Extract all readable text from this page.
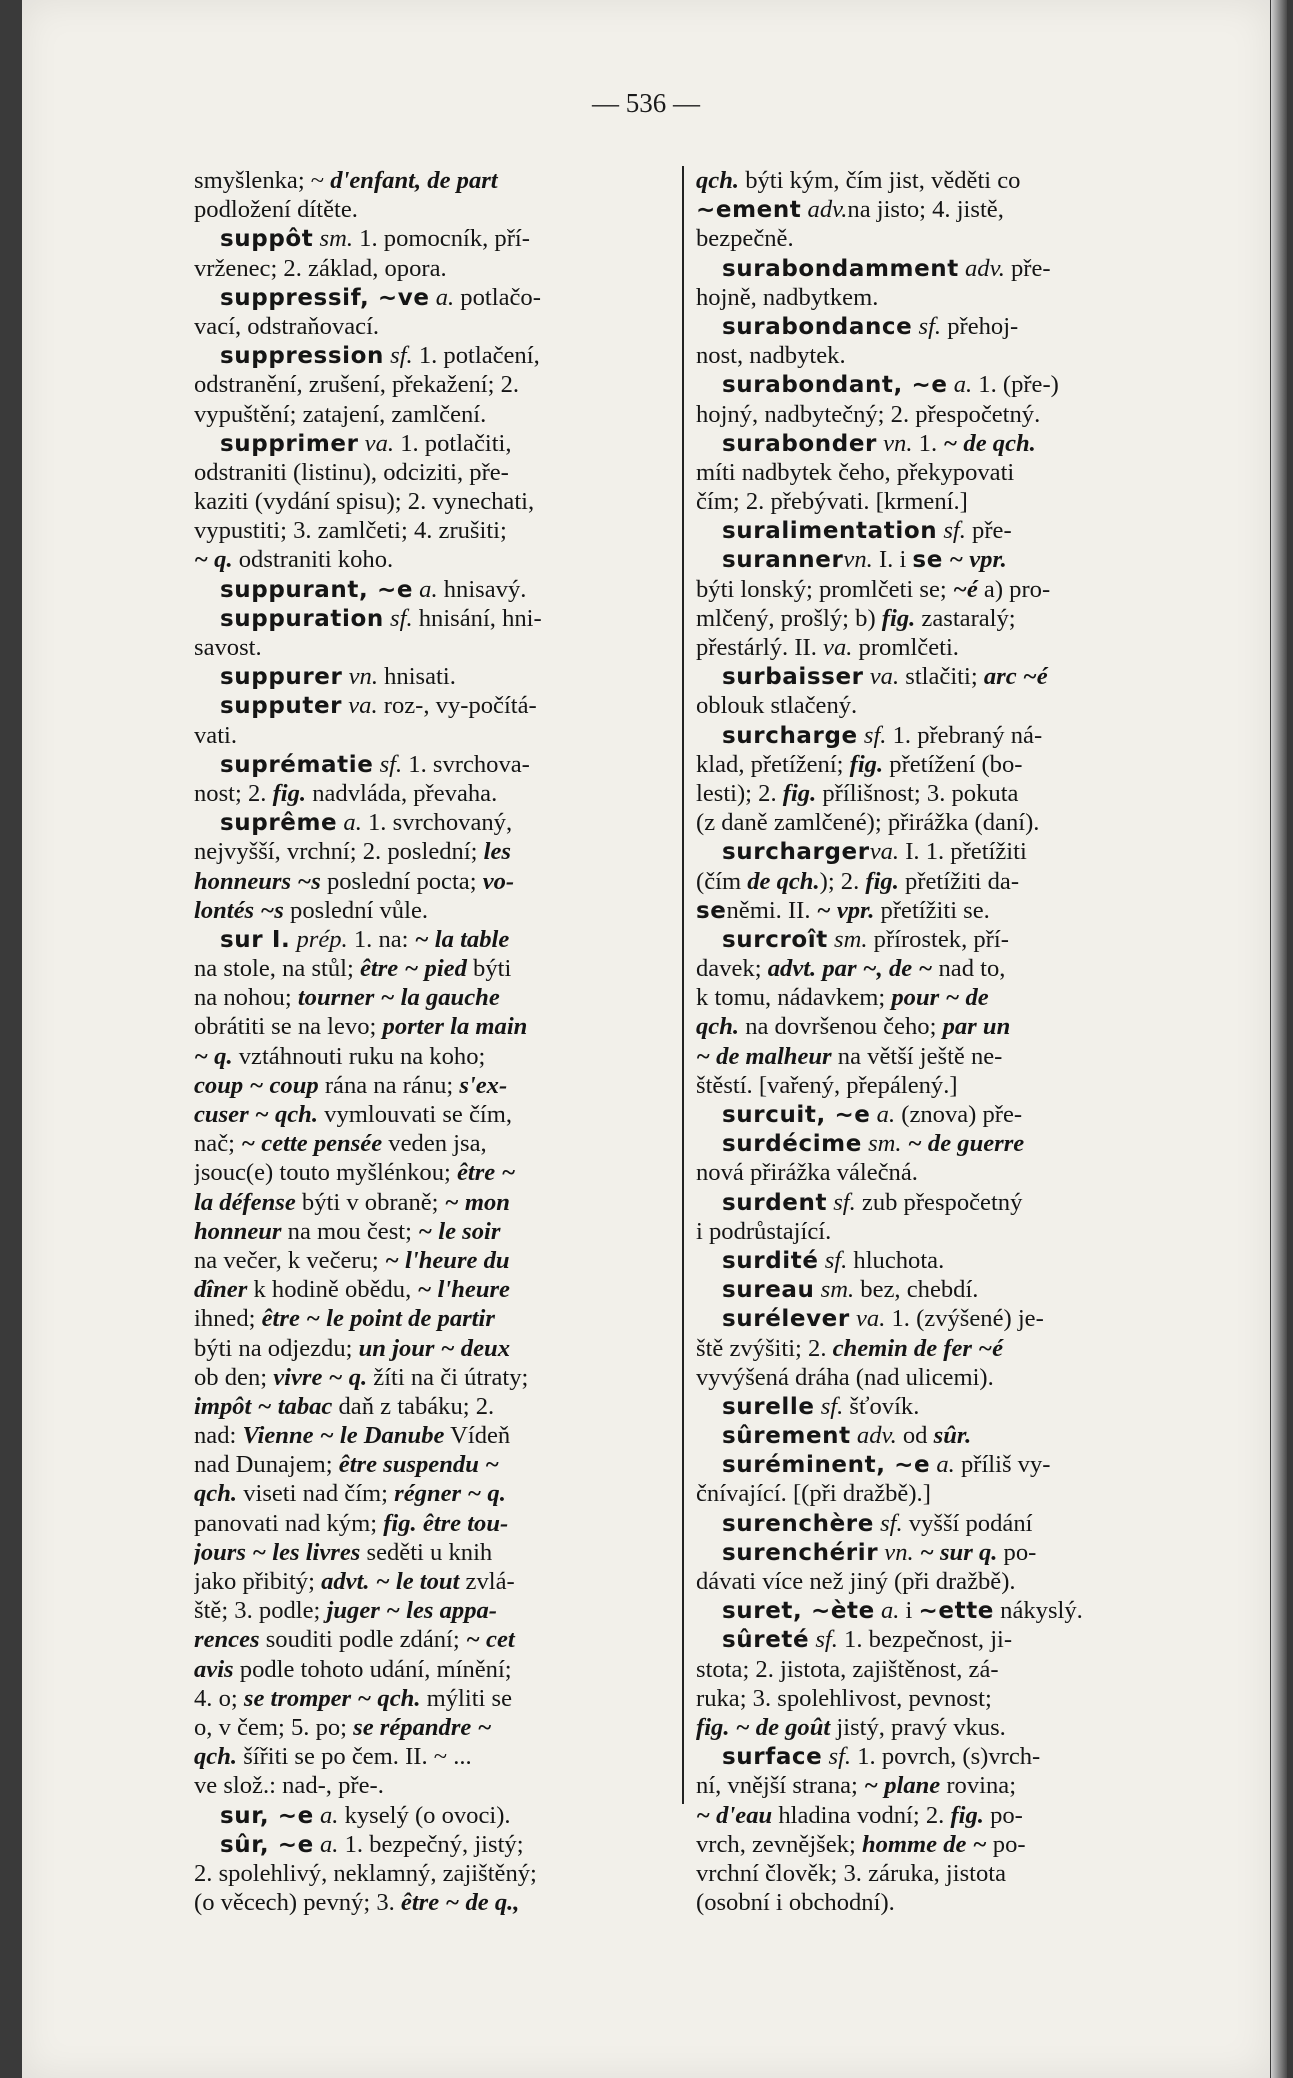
— 536 —
smyšlenka; ~ d'enfant, de part
podložení dítěte.
suppôt sm. 1. pomocník, pří-
vrženec; 2. základ, opora.
suppressif, ~ve a. potlačo-
vací, odstraňovací.
suppression sf. 1. potlačení,
odstranění, zrušení, překažení; 2.
vypuštění; zatajení, zamlčení.
supprimer va. 1. potlačiti,
odstraniti (listinu), odciziti, pře-
kaziti (vydání spisu); 2. vynechati,
vypustiti; 3. zamlčeti; 4. zrušiti;
~ q. odstraniti koho.
suppurant, ~e a. hnisavý.
suppuration sf. hnisání, hni-
savost.
suppurer vn. hnisati.
supputer va. roz-, vy-počítá-
vati.
suprématie sf. 1. svrchova-
nost; 2. fig. nadvláda, převaha.
suprême a. 1. svrchovaný,
nejvyšší, vrchní; 2. poslední; les
honneurs ~s poslední pocta; vo-
lontés ~s poslední vůle.
sur I. prép. 1. na: ~ la table
na stole, na stůl; être ~ pied býti
na nohou; tourner ~ la gauche
obrátiti se na levo; porter la main
~ q. vztáhnouti ruku na koho;
coup ~ coup rána na ránu; s'ex-
cuser ~ qch. vymlouvati se čím,
nač; ~ cette pensée veden jsa,
jsouc(e) touto myšlénkou; être ~
la défense býti v obraně; ~ mon
honneur na mou čest; ~ le soir
na večer, k večeru; ~ l'heure du
dîner k hodině obědu, ~ l'heure
ihned; être ~ le point de partir
býti na odjezdu; un jour ~ deux
ob den; vivre ~ q. žíti na či útraty;
impôt ~ tabac daň z tabáku; 2.
nad: Vienne ~ le Danube Vídeň
nad Dunajem; être suspendu ~
qch. viseti nad čím; régner ~ q.
panovati nad kým; fig. être tou-
jours ~ les livres seděti u knih
jako přibitý; advt. ~ le tout zvlá-
ště; 3. podle; juger ~ les appa-
rences souditi podle zdání; ~ cet
avis podle tohoto udání, mínění;
4. o; se tromper ~ qch. mýliti se
o, v čem; 5. po; se répandre ~
qch. šířiti se po čem. II. ~ ...
ve slož.: nad-, pře-.
sur, ~e a. kyselý (o ovoci).
sûr, ~e a. 1. bezpečný, jistý;
2. spolehlivý, neklamný, zajištěný;
(o věcech) pevný; 3. être ~ de q.,
qch. býti kým, čím jist, věděti co
~ement adv.na jisto; 4. jistě,
bezpečně.
surabondamment adv. pře-
hojně, nadbytkem.
surabondance sf. přehoj-
nost, nadbytek.
surabondant, ~e a. 1. (pře-)
hojný, nadbytečný; 2. přespočetný.
surabonder vn. 1. ~ de qch.
míti nadbytek čeho, překypovati
čím; 2. přebývati. [krmení.]
suralimentation sf. pře-
surannervn. I. i se ~ vpr.
býti lonský; promlčeti se; ~é a) pro-
mlčený, prošlý; b) fig. zastaralý;
přestárlý. II. va. promlčeti.
surbaisser va. stlačiti; arc ~é
oblouk stlačený.
surcharge sf. 1. přebraný ná-
klad, přetížení; fig. přetížení (bo-
lesti); 2. fig. přílišnost; 3. pokuta
(z daně zamlčené); přirážka (daní).
surchargerva. I. 1. přetížiti
(čím de qch.); 2. fig. přetížiti da-
seněmi. II. ~ vpr. přetížiti se.
surcroît sm. přírostek, pří-
davek; advt. par ~, de ~ nad to,
k tomu, nádavkem; pour ~ de
qch. na dovršenou čeho; par un
~ de malheur na větší ještě ne-
štěstí. [vařený, přepálený.]
surcuit, ~e a. (znova) pře-
surdécime sm. ~ de guerre
nová přirážka válečná.
surdent sf. zub přespočetný
i podrůstající.
surdité sf. hluchota.
sureau sm. bez, chebdí.
surélever va. 1. (zvýšené) je-
ště zvýšiti; 2. chemin de fer ~é
vyvýšená dráha (nad ulicemi).
surelle sf. šťovík.
sûrement adv. od sûr.
suréminent, ~e a. příliš vy-
čnívající. [(při dražbě).]
surenchère sf. vyšší podání
surenchérir vn. ~ sur q. po-
dávati více než jiný (při dražbě).
suret, ~ète a. i ~ette nákyslý.
sûreté sf. 1. bezpečnost, ji-
stota; 2. jistota, zajištěnost, zá-
ruka; 3. spolehlivost, pevnost;
fig. ~ de goût jistý, pravý vkus.
surface sf. 1. povrch, (s)vrch-
ní, vnější strana; ~ plane rovina;
~ d'eau hladina vodní; 2. fig. po-
vrch, zevnějšek; homme de ~ po-
vrchní člověk; 3. záruka, jistota
(osobní i obchodní).
